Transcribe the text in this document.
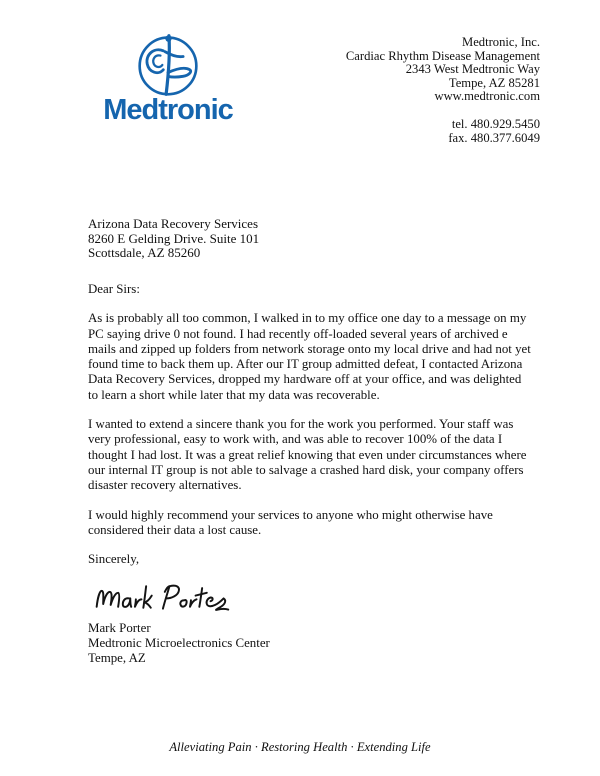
Medtronic
Medtronic, Inc.
Cardiac Rhythm Disease Management
2343 West Medtronic Way
Tempe, AZ 85281
www.medtronic.com
tel. 480.929.5450
fax. 480.377.6049
Arizona Data Recovery Services
8260 E Gelding Drive. Suite 101
Scottsdale, AZ 85260
Dear Sirs:

As is probably all too common, I walked in to my office one day to a message on my PC saying drive 0 not found. I had recently off-loaded several years of archived e mails and zipped up folders from network storage onto my local drive and had not yet found time to back them up. After our IT group admitted defeat, I contacted Arizona Data Recovery Services, dropped my hardware off at your office, and was delighted to learn a short while later that my data was recoverable.

I wanted to extend a sincere thank you for the work you performed. Your staff was very professional, easy to work with, and was able to recover 100% of the data I thought I had lost. It was a great relief knowing that even under circumstances where our internal IT group is not able to salvage a crashed hard disk, your company offers disaster recovery alternatives.

I would highly recommend your services to anyone who might otherwise have considered their data a lost cause.

Sincerely,
Mark Porter
Medtronic Microelectronics Center
Tempe, AZ
Alleviating Pain · Restoring Health · Extending Life
